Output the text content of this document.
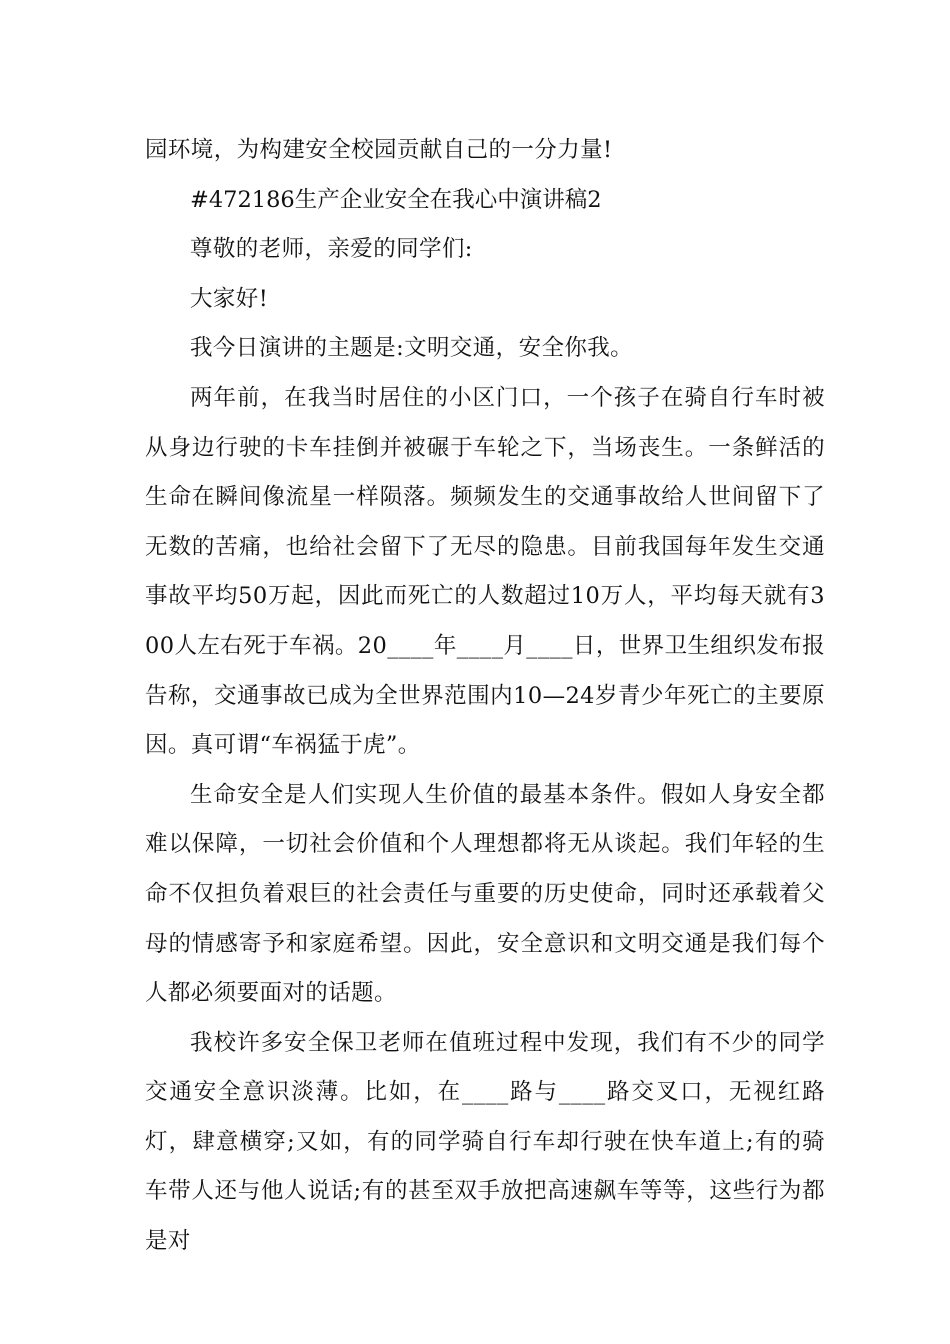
园环境，为构建安全校园贡献自己的一分力量!

#472186生产企业安全在我心中演讲稿2

尊敬的老师，亲爱的同学们:

大家好!

我今日演讲的主题是:文明交通，安全你我。

两年前，在我当时居住的小区门口，一个孩子在骑自行车时被从身边行驶的卡车挂倒并被碾于车轮之下，当场丧生。一条鲜活的生命在瞬间像流星一样陨落。频频发生的交通事故给人世间留下了无数的苦痛，也给社会留下了无尽的隐患。目前我国每年发生交通事故平均50万起，因此而死亡的人数超过10万人，平均每天就有300人左右死于车祸。20____年____月____日，世界卫生组织发布报告称，交通事故已成为全世界范围内10—24岁青少年死亡的主要原因。真可谓“车祸猛于虎”。

生命安全是人们实现人生价值的最基本条件。假如人身安全都难以保障，一切社会价值和个人理想都将无从谈起。我们年轻的生命不仅担负着艰巨的社会责任与重要的历史使命，同时还承载着父母的情感寄予和家庭希望。因此，安全意识和文明交通是我们每个人都必须要面对的话题。

我校许多安全保卫老师在值班过程中发现，我们有不少的同学交通安全意识淡薄。比如，在____路与____路交叉口，无视红路灯，肆意横穿;又如，有的同学骑自行车却行驶在快车道上;有的骑车带人还与他人说话;有的甚至双手放把高速飙车等等，这些行为都是对
